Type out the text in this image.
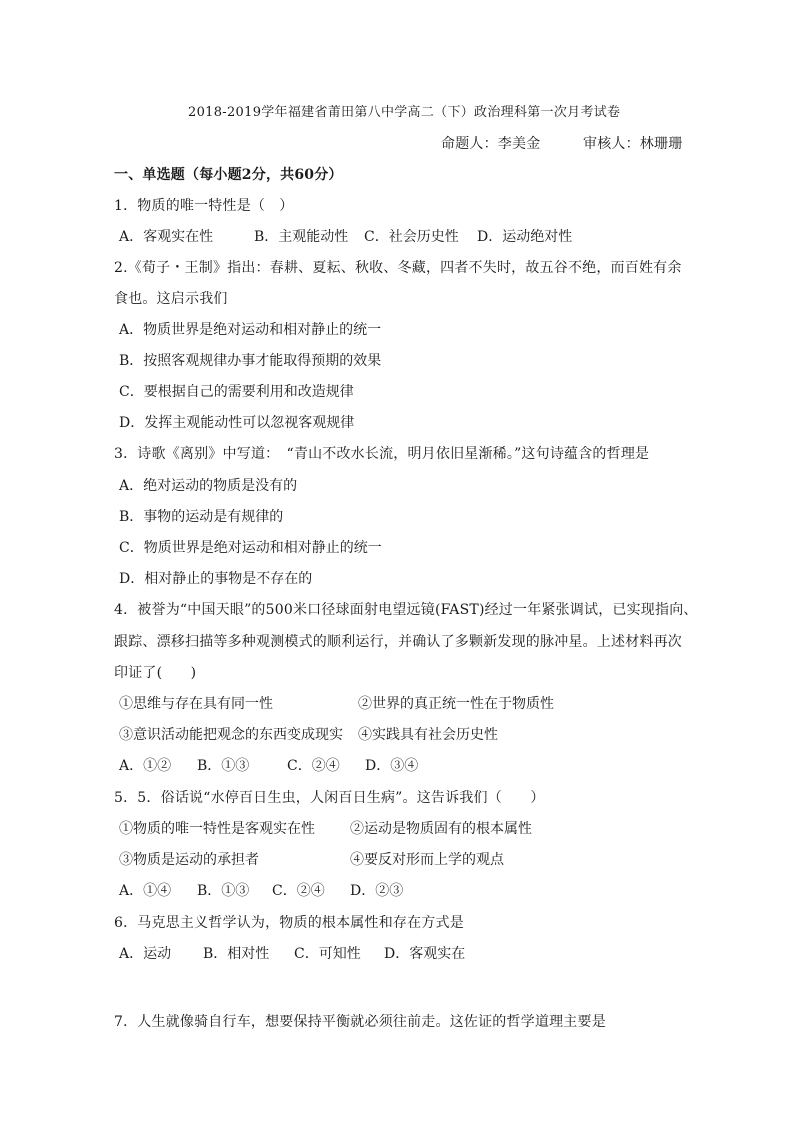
2018-2019学年福建省莆田第八中学高二（下）政治理科第一次月考试卷
命题人：李美金	审核人：林珊珊
一、单选题（每小题2分，共60分）
1．物质的唯一特性是（　）
A．客观实在性	B．主观能动性 C．社会历史性 D．运动绝对性
2.《荀子・王制》指出：春耕、夏耘、秋收、冬藏，四者不失时，故五谷不绝，而百姓有余
食也。这启示我们
A．物质世界是绝对运动和相对静止的统一
B．按照客观规律办事才能取得预期的效果
C．要根据自己的需要利用和改造规律
D．发挥主观能动性可以忽视客观规律
3．诗歌《离别》中写道：　“青山不改水长流，明月依旧星渐稀。”这句诗蕴含的哲理是
A．绝对运动的物质是没有的
B．事物的运动是有规律的
C．物质世界是绝对运动和相对静止的统一
D．相对静止的事物是不存在的
4．被誉为“中国天眼”的500米口径球面射电望远镜(FAST)经过一年紧张调试，已实现指向、
跟踪、漂移扫描等多种观测模式的顺利运行，并确认了多颗新发现的脉冲星。上述材料再次
印证了(　　)
①思维与存在具有同一性	②世界的真正统一性在于物质性
③意识活动能把观念的东西变成现实 ④实践具有社会历史性
A．①② B．①③	C．②④ D．③④
5．5．俗话说“水停百日生虫，人闲百日生病”。这告诉我们（　　）
①物质的唯一特性是客观实在性	②运动是物质固有的根本属性
③物质是运动的承担者	④要反对形而上学的观点
A．①④ B．①③ C．②④ D．②③
6．马克思主义哲学认为，物质的根本属性和存在方式是
A．运动 B．相对性 C．可知性 D．客观实在
7．人生就像骑自行车，想要保持平衡就必须往前走。这佐证的哲学道理主要是
